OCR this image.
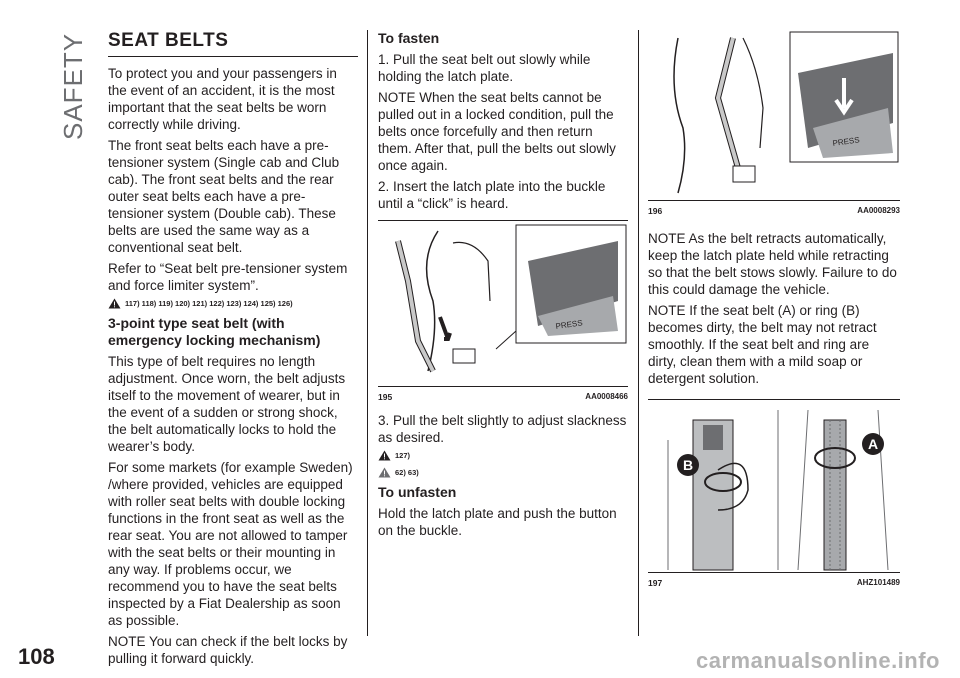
SAFETY
108	carmanualsonline.info
SEAT BELTS

To protect you and your passengers in the event of an accident, it is the most important that the seat belts be worn correctly while driving.

The front seat belts each have a pre-tensioner system (Single cab and Club cab). The front seat belts and the rear outer seat belts each have a pre-tensioner system (Double cab). These belts are used the same way as a conventional seat belt.

Refer to “Seat belt pre-tensioner system and force limiter system”.

117) 118) 119) 120) 121) 122) 123) 124) 125) 126)
3-point type seat belt (with emergency locking mechanism)

This type of belt requires no length adjustment. Once worn, the belt adjusts itself to the movement of wearer, but in the event of a sudden or strong shock, the belt automatically locks to hold the wearer’s body.

For some markets (for example Sweden) /where provided, vehicles are equipped with roller seat belts with double locking functions in the front seat as well as the rear seat. You are not allowed to tamper with the seat belts or their mounting in any way. If problems occur, we recommend you to have the seat belts inspected by a Fiat Dealership as soon as possible.

NOTE You can check if the belt locks by pulling it forward quickly.

To fasten

1. Pull the seat belt out slowly while holding the latch plate.

NOTE When the seat belts cannot be pulled out in a locked condition, pull the belts once forcefully and then return them. After that, pull the belts out slowly once again.

2. Insert the latch plate into the buckle until a “click” is heard.

PRESS
195	AA0008466

3. Pull the belt slightly to adjust slackness as desired.

127)
62) 63)
To unfasten

Hold the latch plate and push the button on the buckle.

PRESS
196	AA0008293

NOTE As the belt retracts automatically, keep the latch plate held while retracting so that the belt stows slowly. Failure to do this could damage the vehicle.

NOTE If the seat belt (A) or ring (B) becomes dirty, the belt may not retract smoothly. If the seat belt and ring are dirty, clean them with a mild soap or detergent solution.

A
B
197	AHZ101489
